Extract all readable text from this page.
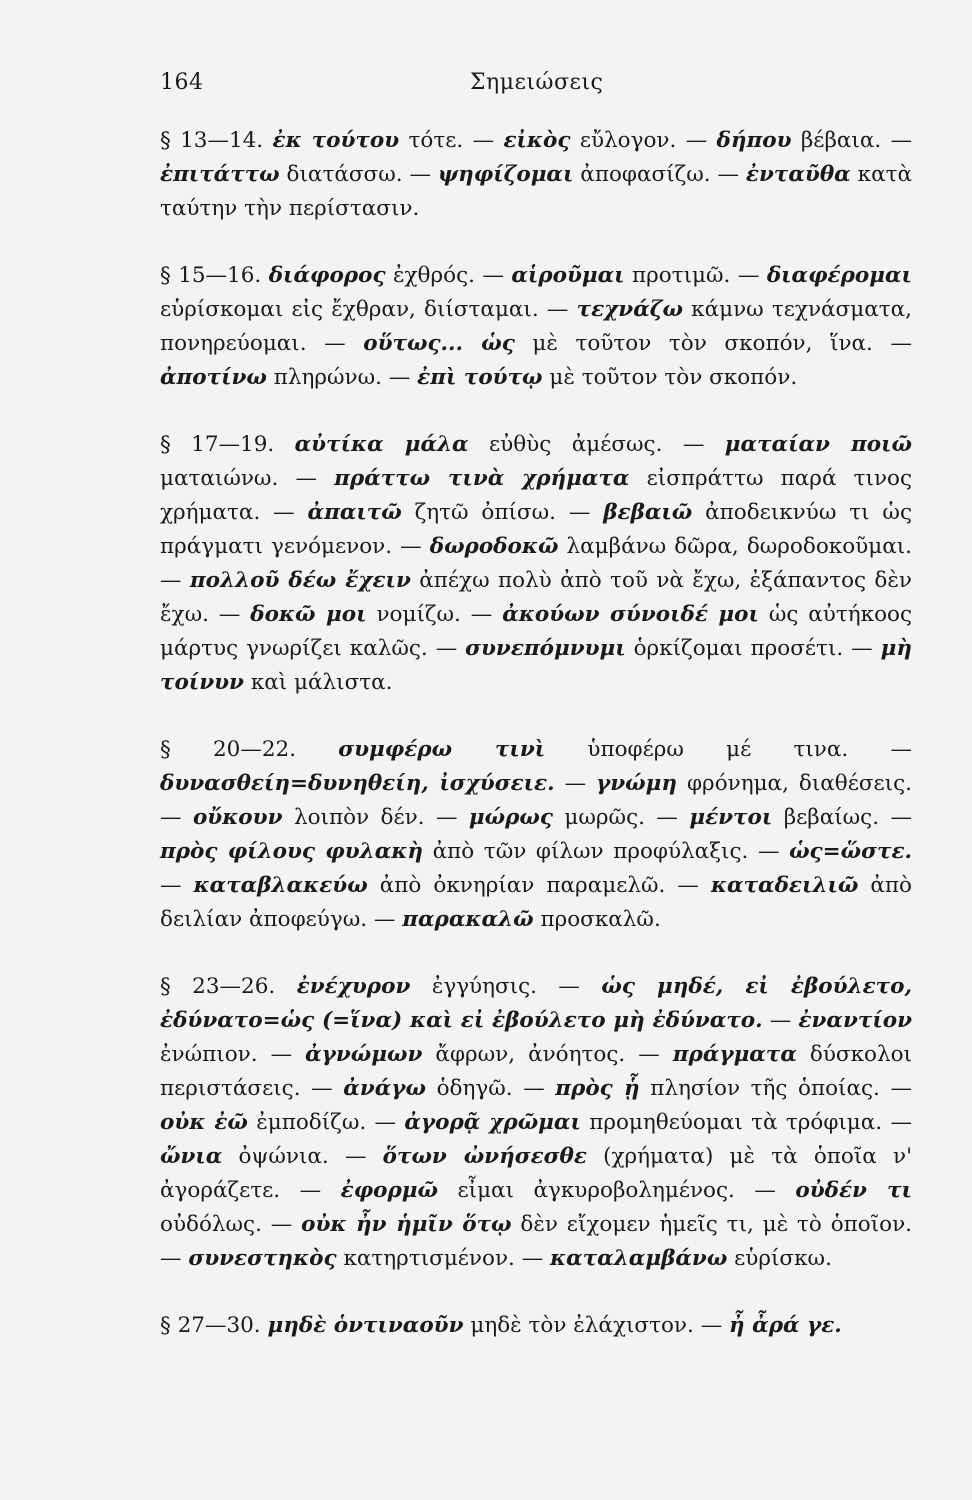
164	Σημειώσεις

§ 13—14. ἐκ τούτου τότε. — εἰκὸς εὔλογον. — δήπου βέβαια. — ἐπιτάττω διατάσσω. — ψηφίζομαι ἀποφασίζω. — ἐνταῦθα κατὰ ταύτην τὴν περίστασιν.

§ 15—16. διάφορος ἐχθρός. — αἱροῦμαι προτιμῶ. — διαφέρομαι εὑρίσκομαι εἰς ἔχθραν, διίσταμαι. — τεχνάζω κάμνω τεχνάσματα, πονηρεύομαι. — οὕτως... ὡς μὲ τοῦτον τὸν σκοπόν, ἵνα. — ἀποτίνω πληρώνω. — ἐπὶ τούτῳ μὲ τοῦτον τὸν σκοπόν.

§ 17—19. αὐτίκα μάλα εὐθὺς ἀμέσως. — ματαίαν ποιῶ ματαιώνω. — πράττω τινὰ χρήματα εἰσπράττω παρά τινος χρήματα. — ἀπαιτῶ ζητῶ ὀπίσω. — βεβαιῶ ἀποδεικνύω τι ὡς πράγματι γενόμενον. — δωροδοκῶ λαμβάνω δῶρα, δωροδοκοῦμαι. — πολλοῦ δέω ἔχειν ἀπέχω πολὺ ἀπὸ τοῦ νὰ ἔχω, ἐξάπαντος δὲν ἔχω. — δοκῶ μοι νομίζω. — ἀκούων σύνοιδέ μοι ὡς αὐτήκοος μάρτυς γνωρίζει καλῶς. — συνεπόμνυμι ὁρκίζομαι προσέτι. — μὴ τοίνυν καὶ μάλιστα.

§ 20—22. συμφέρω τινὶ ὑποφέρω μέ τινα. — δυνασθείη=δυνηθείη, ἰσχύσειε. — γνώμη φρόνημα, διαθέσεις. — οὔκουν λοιπὸν δέν. — μώρως μωρῶς. — μέντοι βεβαίως. — πρὸς φίλους φυλακὴ ἀπὸ τῶν φίλων προφύλαξις. — ὡς=ὥστε. — καταβλακεύω ἀπὸ ὀκνηρίαν παραμελῶ. — καταδειλιῶ ἀπὸ δειλίαν ἀποφεύγω. — παρακαλῶ προσκαλῶ.

§ 23—26. ἐνέχυρον ἐγγύησις. — ὡς μηδέ, εἰ ἐβούλετο, ἐδύνατο=ὡς (=ἵνα) καὶ εἰ ἐβούλετο μὴ ἐδύνατο. — ἐναντίον ἐνώπιον. — ἀγνώμων ἄφρων, ἀνόητος. — πράγματα δύσκολοι περιστάσεις. — ἀνάγω ὁδηγῶ. — πρὸς ᾗ πλησίον τῆς ὁποίας. — οὐκ ἐῶ ἐμποδίζω. — ἀγορᾷ χρῶμαι προμηθεύομαι τὰ τρόφιμα. — ὤνια ὀψώνια. — ὅτων ὠνήσεσθε (χρήματα) μὲ τὰ ὁποῖα ν' ἀγοράζετε. — ἐφορμῶ εἶμαι ἀγκυροβολημένος. — οὐδέν τι οὐδόλως. — οὐκ ἦν ἡμῖν ὅτῳ δὲν εἴχομεν ἡμεῖς τι, μὲ τὸ ὁποῖον. — συνεστηκὸς κατηρτισμένον. — καταλαμβάνω εὑρίσκω.

§ 27—30. μηδὲ ὁντιναοῦν μηδὲ τὸν ἐλάχιστον. — ἦ ἆρά γε.
